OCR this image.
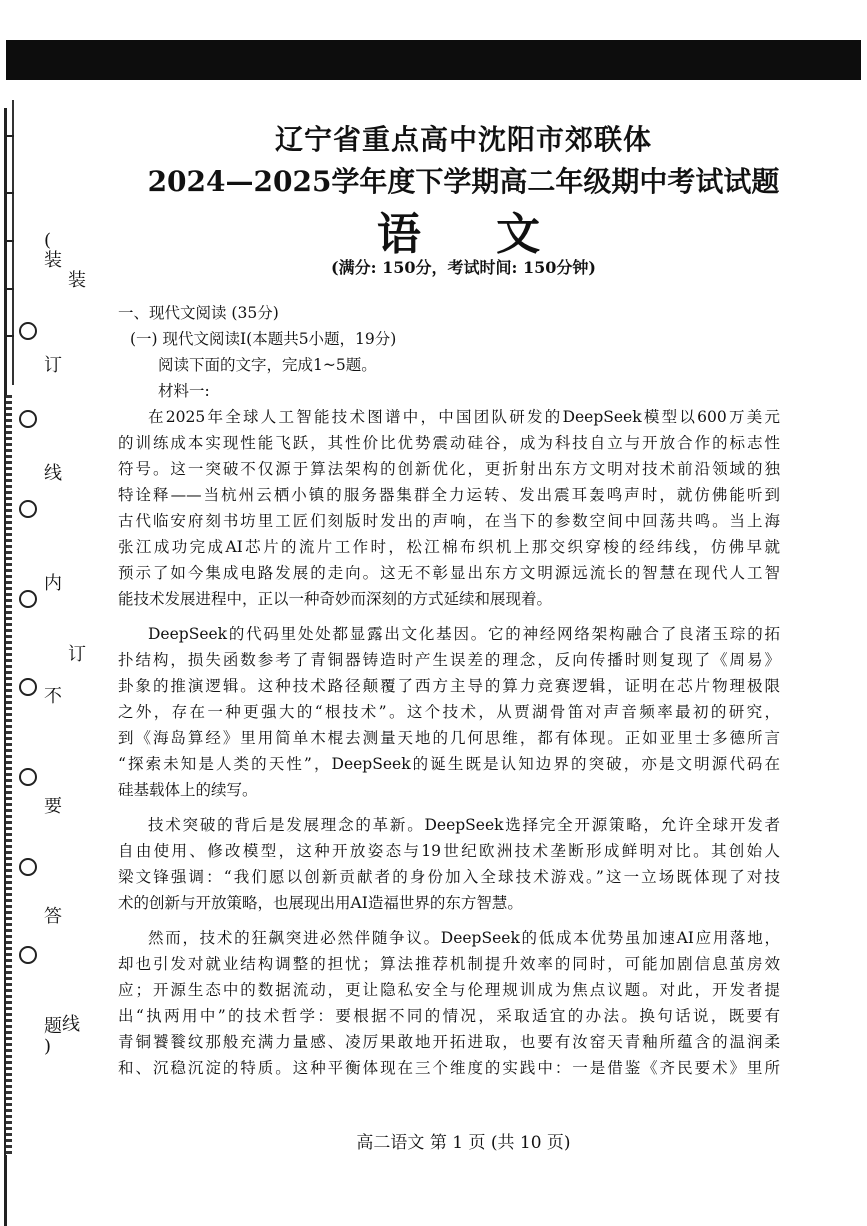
(
装
订
线
内
不
要
答
题
)
装
订
线
辽宁省重点高中沈阳市郊联体
2024—2025学年度下学期高二年级期中考试试题
语 文
(满分: 150分，考试时间: 150分钟)
一、现代文阅读 (35分)
(一) 现代文阅读Ⅰ(本题共5小题，19分)
阅读下面的文字，完成1~5题。
材料一:
在2025年全球人工智能技术图谱中，中国团队研发的DeepSeek模型以600万美元
的训练成本实现性能飞跃，其性价比优势震动硅谷，成为科技自立与开放合作的标志性
符号。这一突破不仅源于算法架构的创新优化，更折射出东方文明对技术前沿领域的独
特诠释——当杭州云栖小镇的服务器集群全力运转、发出震耳轰鸣声时，就仿佛能听到
古代临安府刻书坊里工匠们刻版时发出的声响，在当下的参数空间中回荡共鸣。当上海
张江成功完成AI芯片的流片工作时，松江棉布织机上那交织穿梭的经纬线，仿佛早就
预示了如今集成电路发展的走向。这无不彰显出东方文明源远流长的智慧在现代人工智
能技术发展进程中，正以一种奇妙而深刻的方式延续和展现着。
DeepSeek的代码里处处都显露出文化基因。它的神经网络架构融合了良渚玉琮的拓
扑结构，损失函数参考了青铜器铸造时产生误差的理念，反向传播时则复现了《周易》
卦象的推演逻辑。这种技术路径颠覆了西方主导的算力竞赛逻辑，证明在芯片物理极限
之外，存在一种更强大的“根技术”。这个技术，从贾湖骨笛对声音频率最初的研究，
到《海岛算经》里用简单木棍去测量天地的几何思维，都有体现。正如亚里士多德所言
“探索未知是人类的天性”，DeepSeek的诞生既是认知边界的突破，亦是文明源代码在
硅基载体上的续写。
技术突破的背后是发展理念的革新。DeepSeek选择完全开源策略，允许全球开发者
自由使用、修改模型，这种开放姿态与19世纪欧洲技术垄断形成鲜明对比。其创始人
梁文锋强调：“我们愿以创新贡献者的身份加入全球技术游戏。”这一立场既体现了对技
术的创新与开放策略，也展现出用AI造福世界的东方智慧。
然而，技术的狂飙突进必然伴随争议。DeepSeek的低成本优势虽加速AI应用落地，
却也引发对就业结构调整的担忧；算法推荐机制提升效率的同时，可能加剧信息茧房效
应；开源生态中的数据流动，更让隐私安全与伦理规训成为焦点议题。对此，开发者提
出“执两用中”的技术哲学：要根据不同的情况，采取适宜的办法。换句话说，既要有
青铜饕餮纹那般充满力量感、凌厉果敢地开拓进取，也要有汝窑天青釉所蕴含的温润柔
和、沉稳沉淀的特质。这种平衡体现在三个维度的实践中：一是借鉴《齐民要术》里所
高二语文 第 1 页 (共 10 页)
